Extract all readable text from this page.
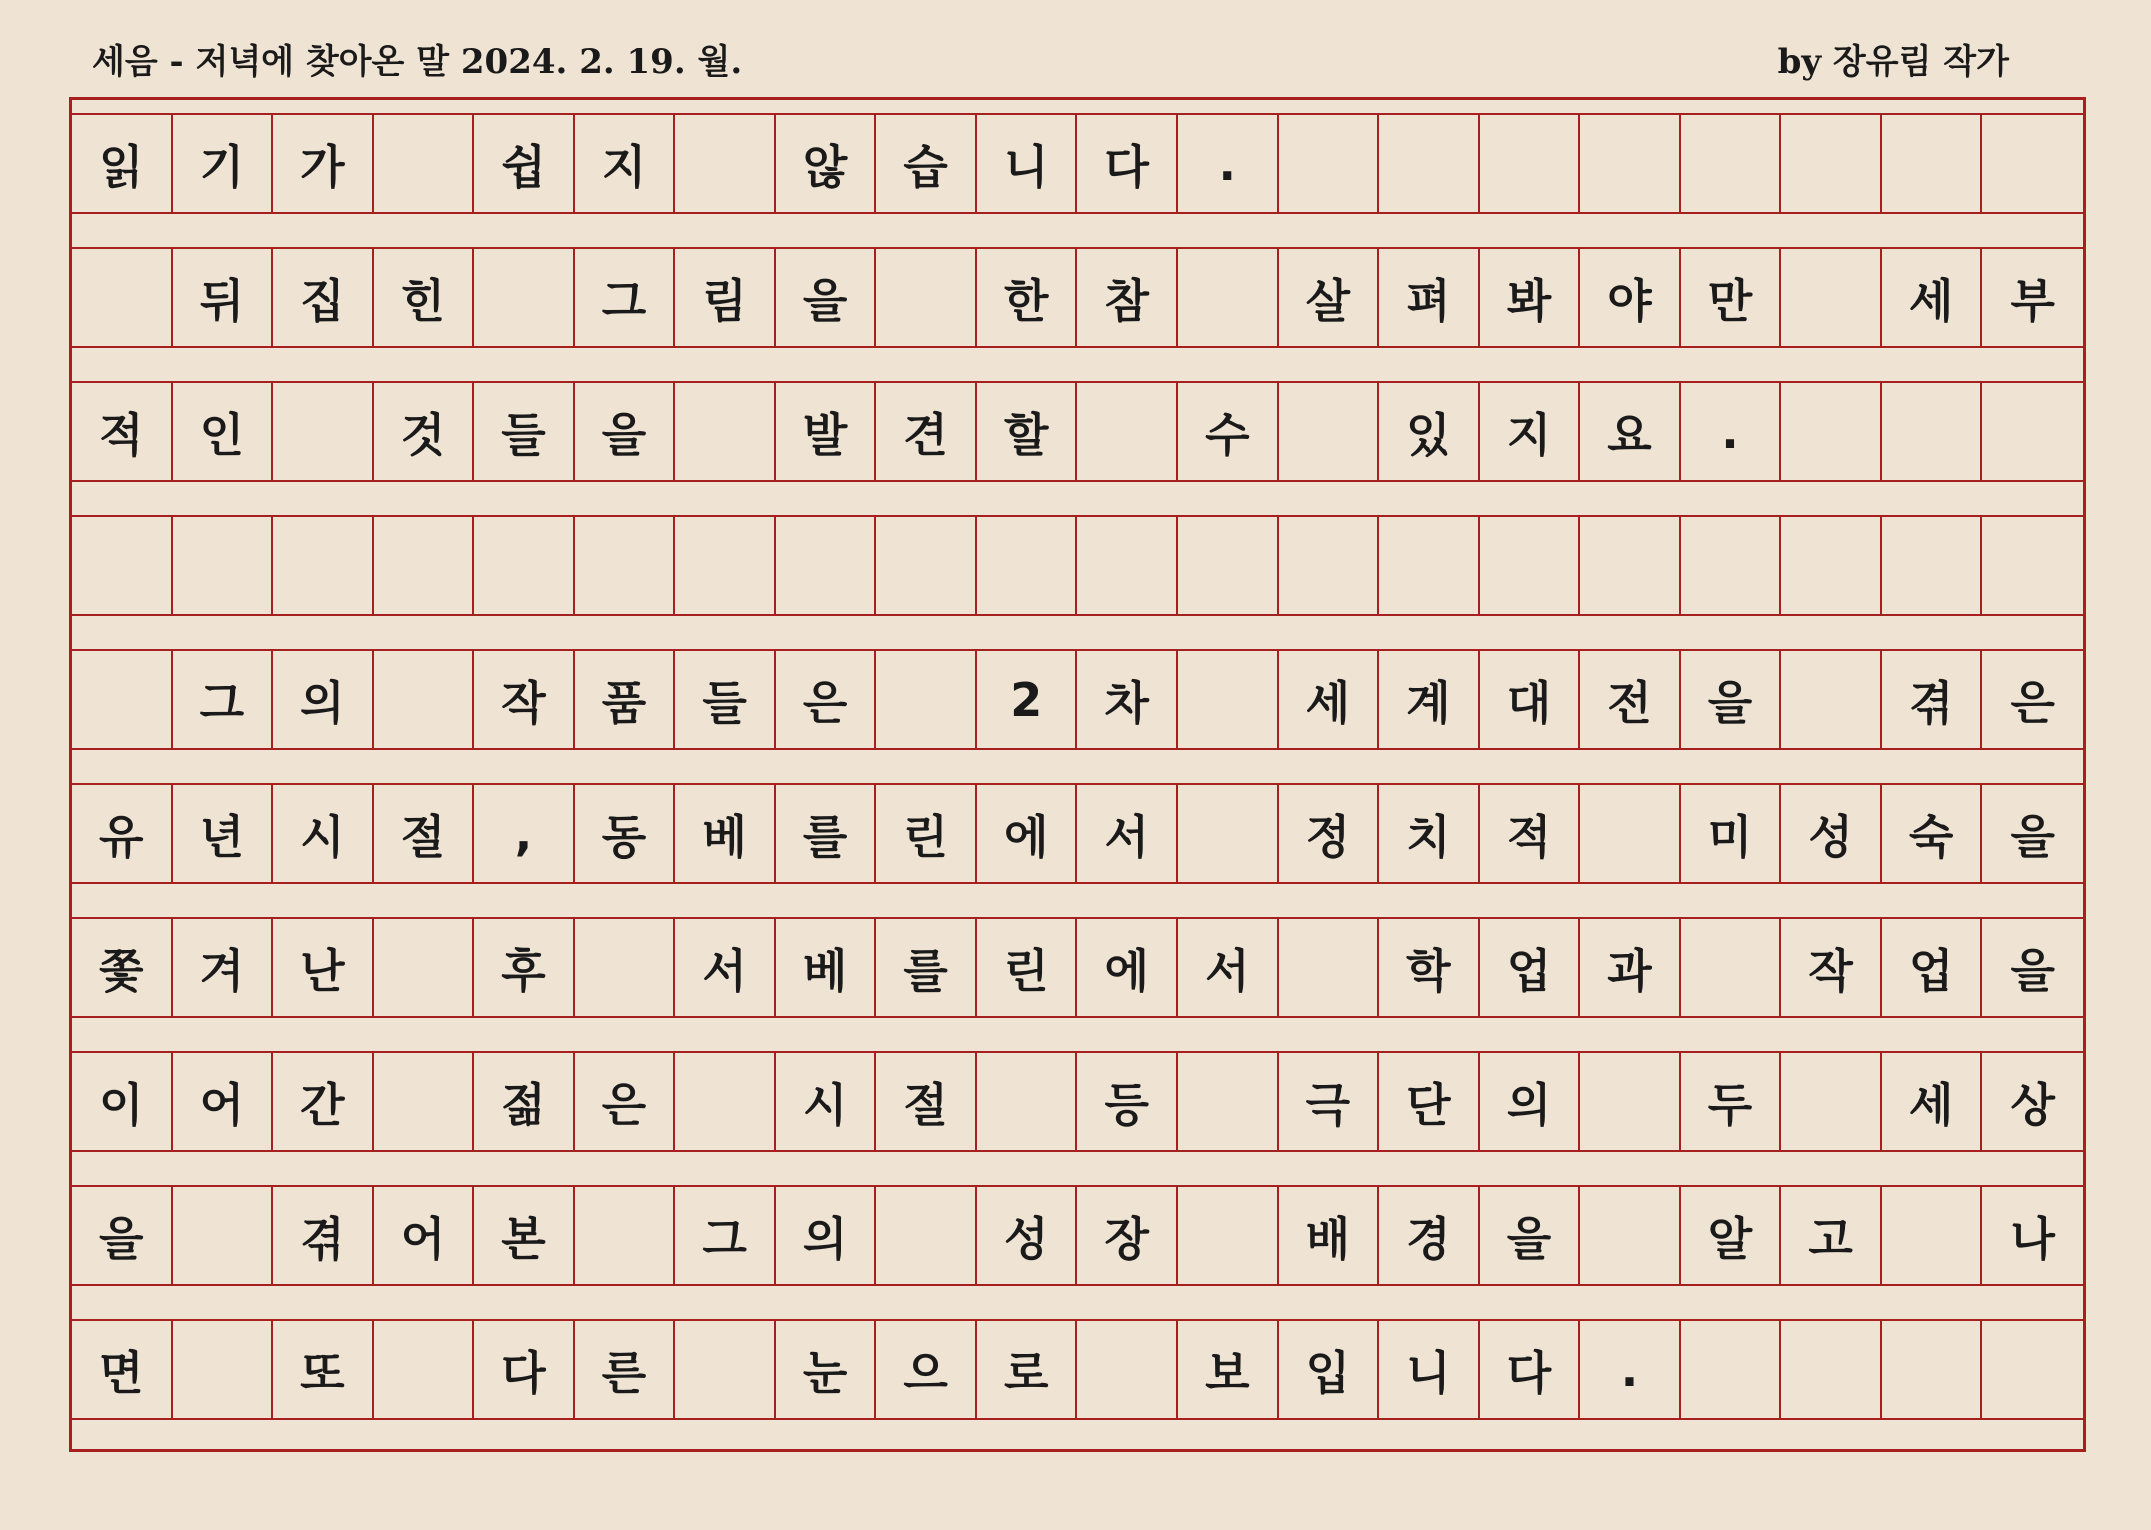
세음 - 저녁에 찾아온 말 2024. 2. 19. 월.	by 장유림 작가
읽	기	가	쉽	지	않	습	니	다	.
뒤	집	힌	그	림	을	한	참	살	펴	봐	야	만	세	부
적	인	것	들	을	발	견	할	수	있	지	요	.
그	의	작	품	들	은	2	차	세	계	대	전	을	겪	은
유	년	시	절	,	동	베	를	린	에	서	정	치	적	미	성	숙	을
쫓	겨	난	후	서	베	를	린	에	서	학	업	과	작	업	을
이	어	간	젊	은	시	절	등	극	단	의	두	세	상
을	겪	어	본	그	의	성	장	배	경	을	알	고	나
면	또	다	른	눈	으	로	보	입	니	다	.
